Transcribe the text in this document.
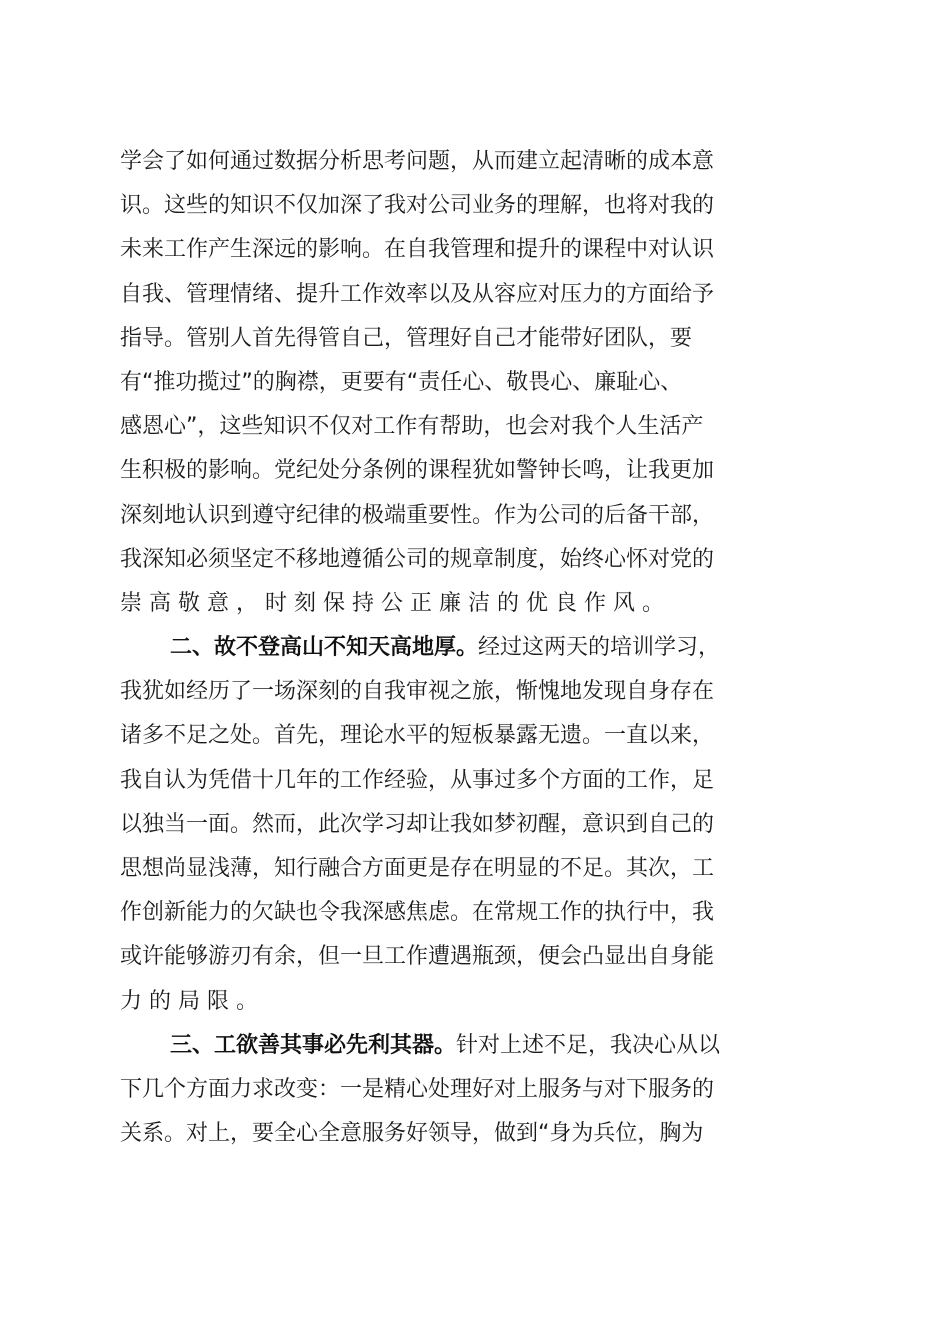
学会了如何通过数据分析思考问题，从而建立起清晰的成本意
识。这些的知识不仅加深了我对公司业务的理解，也将对我的
未来工作产生深远的影响。在自我管理和提升的课程中对认识
自我、管理情绪、提升工作效率以及从容应对压力的方面给予
指导。管别人首先得管自己，管理好自己才能带好团队，要
有“推功揽过”的胸襟，更要有“责任心、敬畏心、廉耻心、
感恩心”，这些知识不仅对工作有帮助，也会对我个人生活产
生积极的影响。党纪处分条例的课程犹如警钟长鸣，让我更加
深刻地认识到遵守纪律的极端重要性。作为公司的后备干部，
我深知必须坚定不移地遵循公司的规章制度，始终心怀对党的
崇高敬意，时刻保持公正廉洁的优良作风。
二、故不登高山不知天高地厚。经过这两天的培训学习，
我犹如经历了一场深刻的自我审视之旅，惭愧地发现自身存在
诸多不足之处。首先，理论水平的短板暴露无遗。一直以来，
我自认为凭借十几年的工作经验，从事过多个方面的工作，足
以独当一面。然而，此次学习却让我如梦初醒，意识到自己的
思想尚显浅薄，知行融合方面更是存在明显的不足。其次，工
作创新能力的欠缺也令我深感焦虑。在常规工作的执行中，我
或许能够游刃有余，但一旦工作遭遇瓶颈，便会凸显出自身能
力的局限。
三、工欲善其事必先利其器。针对上述不足，我决心从以
下几个方面力求改变：一是精心处理好对上服务与对下服务的
关系。对上，要全心全意服务好领导，做到“身为兵位，胸为
